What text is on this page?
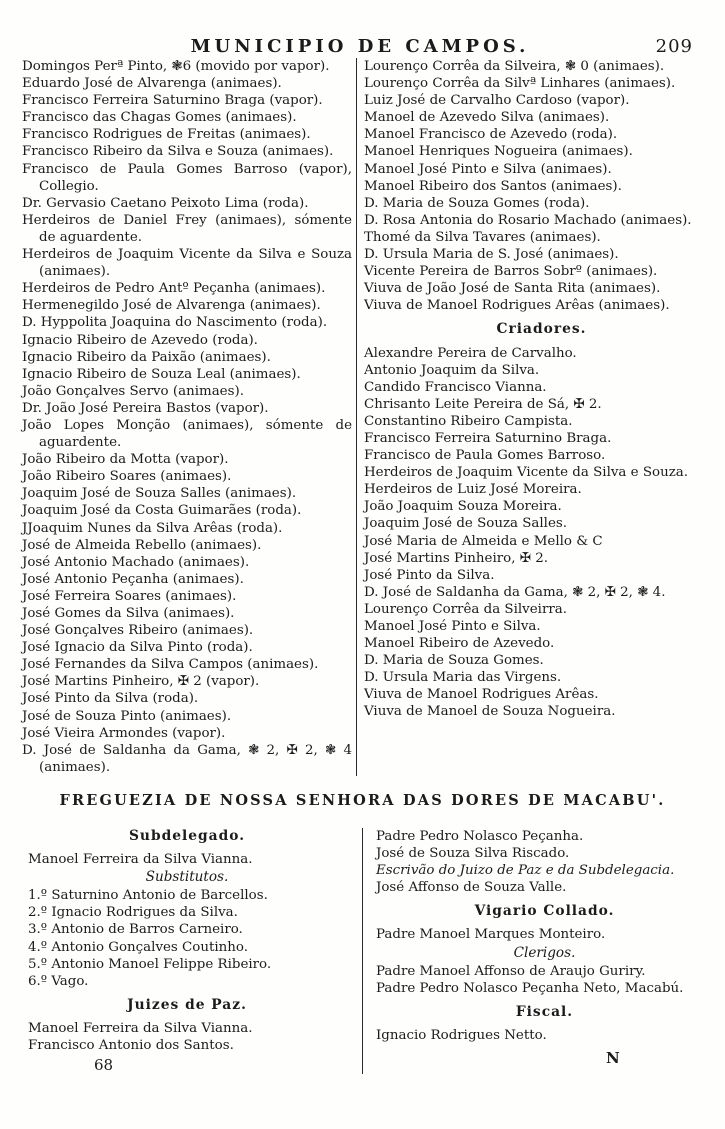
MUNICIPIO DE CAMPOS.	209
Domingos Perª Pinto, ❃6 (movido por vapor).
Eduardo José de Alvarenga (animaes).
Francisco Ferreira Saturnino Braga (vapor).
Francisco das Chagas Gomes (animaes).
Francisco Rodrigues de Freitas (animaes).
Francisco Ribeiro da Silva e Souza (animaes).
Francisco de Paula Gomes Barroso (vapor), Collegio.
Dr. Gervasio Caetano Peixoto Lima (roda).
Herdeiros de Daniel Frey (animaes), sómente de aguardente.
Herdeiros de Joaquim Vicente da Silva e Souza (animaes).
Herdeiros de Pedro Antº Peçanha (animaes).
Hermenegildo José de Alvarenga (animaes).
D. Hyppolita Joaquina do Nascimento (roda).
Ignacio Ribeiro de Azevedo (roda).
Ignacio Ribeiro da Paixão (animaes).
Ignacio Ribeiro de Souza Leal (animaes).
João Gonçalves Servo (animaes).
Dr. João José Pereira Bastos (vapor).
João Lopes Monção (animaes), sómente de aguardente.
João Ribeiro da Motta (vapor).
João Ribeiro Soares (animaes).
Joaquim José de Souza Salles (animaes).
Joaquim José da Costa Guimarães (roda).
JJoaquim Nunes da Silva Arêas (roda).
José de Almeida Rebello (animaes).
José Antonio Machado (animaes).
José Antonio Peçanha (animaes).
José Ferreira Soares (animaes).
José Gomes da Silva (animaes).
José Gonçalves Ribeiro (animaes).
José Ignacio da Silva Pinto (roda).
José Fernandes da Silva Campos (animaes).
José Martins Pinheiro, ✠ 2 (vapor).
José Pinto da Silva (roda).
José de Souza Pinto (animaes).
José Vieira Armondes (vapor).
D. José de Saldanha da Gama, ❃ 2, ✠ 2, ❃ 4 (animaes).
Lourenço Corrêa da Silveira, ❃ 0 (animaes).
Lourenço Corrêa da Silvª Linhares (animaes).
Luiz José de Carvalho Cardoso (vapor).
Manoel de Azevedo Silva (animaes).
Manoel Francisco de Azevedo (roda).
Manoel Henriques Nogueira (animaes).
Manoel José Pinto e Silva (animaes).
Manoel Ribeiro dos Santos (animaes).
D. Maria de Souza Gomes (roda).
D. Rosa Antonia do Rosario Machado (animaes).
Thomé da Silva Tavares (animaes).
D. Ursula Maria de S. José (animaes).
Vicente Pereira de Barros Sobrº (animaes).
Viuva de João José de Santa Rita (animaes).
Viuva de Manoel Rodrigues Arêas (animaes).
Criadores.
Alexandre Pereira de Carvalho.
Antonio Joaquim da Silva.
Candido Francisco Vianna.
Chrisanto Leite Pereira de Sá, ✠ 2.
Constantino Ribeiro Campista.
Francisco Ferreira Saturnino Braga.
Francisco de Paula Gomes Barroso.
Herdeiros de Joaquim Vicente da Silva e Souza.
Herdeiros de Luiz José Moreira.
João Joaquim Souza Moreira.
Joaquim José de Souza Salles.
José Maria de Almeida e Mello & C
José Martins Pinheiro, ✠ 2.
José Pinto da Silva.
D. José de Saldanha da Gama, ❃ 2, ✠ 2, ❃ 4.
Lourenço Corrêa da Silveirra.
Manoel José Pinto e Silva.
Manoel Ribeiro de Azevedo.
D. Maria de Souza Gomes.
D. Ursula Maria das Virgens.
Viuva de Manoel Rodrigues Arêas.
Viuva de Manoel de Souza Nogueira.
FREGUEZIA DE NOSSA SENHORA DAS DORES DE MACABU'.
Subdelegado.
Manoel Ferreira da Silva Vianna.
Substitutos.
1.º Saturnino Antonio de Barcellos.
2.º Ignacio Rodrigues da Silva.
3.º Antonio de Barros Carneiro.
4.º Antonio Gonçalves Coutinho.
5.º Antonio Manoel Felippe Ribeiro.
6.º Vago.
Juizes de Paz.
Manoel Ferreira da Silva Vianna.
Francisco Antonio dos Santos.
68
Padre Pedro Nolasco Peçanha.
José de Souza Silva Riscado.
Escrivão do Juizo de Paz e da Subdelegacia.
José Affonso de Souza Valle.
Vigario Collado.
Padre Manoel Marques Monteiro.
Clerigos.
Padre Manoel Affonso de Araujo Guriry.
Padre Pedro Nolasco Peçanha Neto, Macabú.
Fiscal.
Ignacio Rodrigues Netto.
N
